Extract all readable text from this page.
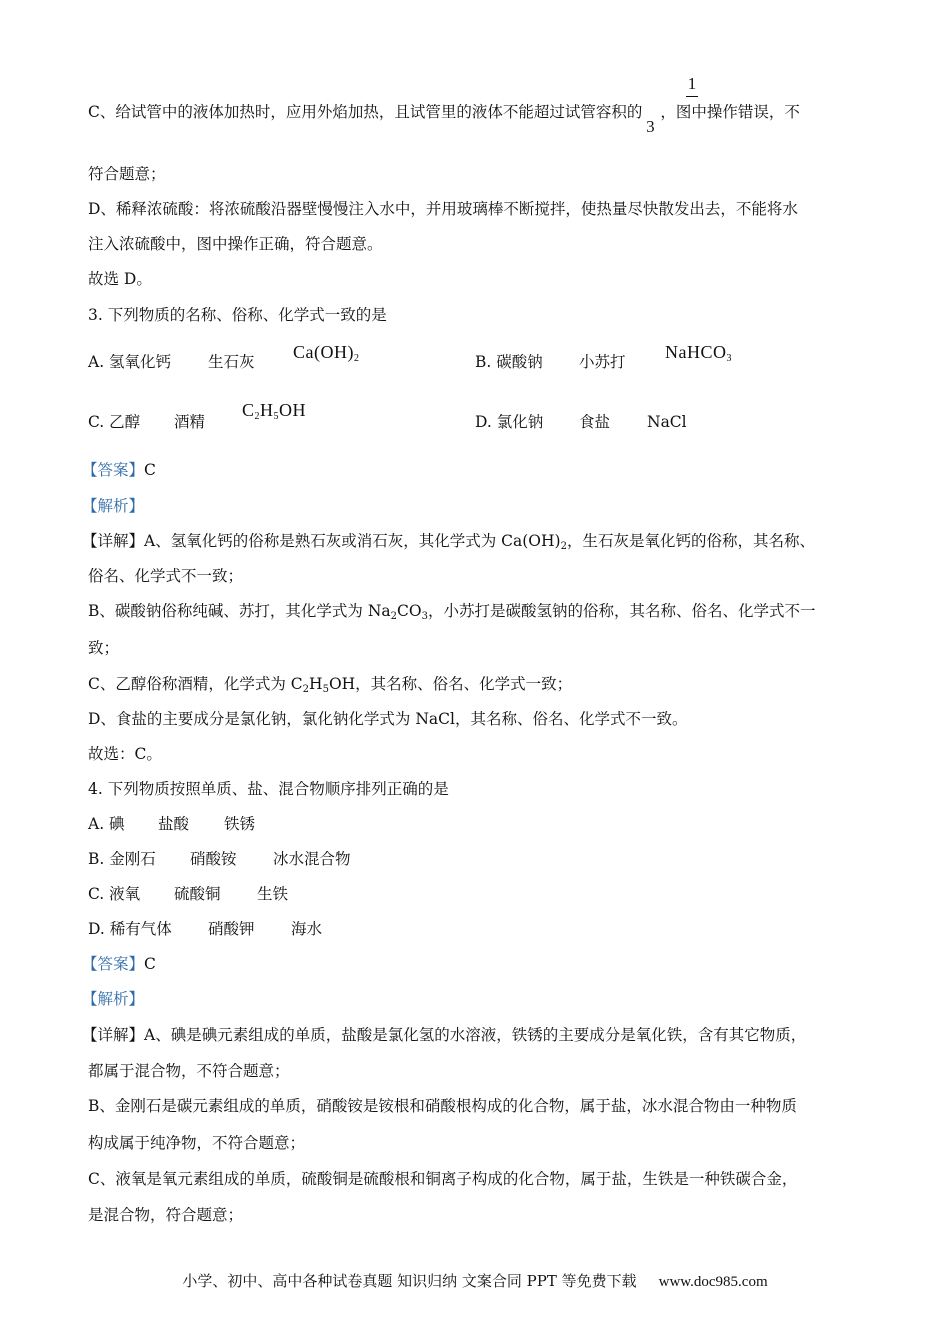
1
C、给试管中的液体加热时，应用外焰加热，且试管里的液体不能超过试管容积的
3
，图中操作错误，不
符合题意；
D、稀释浓硫酸：将浓硫酸沿器壁慢慢注入水中，并用玻璃棒不断搅拌，使热量尽快散发出去，不能将水
注入浓硫酸中，图中操作正确，符合题意。
故选 D。
3. 下列物质的名称、俗称、化学式一致的是
A. 氢氧化钙 生石灰 $Ca(OH)_2$	B. 碳酸钠 小苏打 NaHCO$_3$
C. 乙醇 酒精
$C_2H_5OH$
D. 氯化钠 食盐 NaCl
【答案】C
【解析】
【详解】A、氢氧化钙的俗称是熟石灰或消石灰，其化学式为 $Ca(OH)_2$，生石灰是氧化钙的俗称，其名称、
俗名、化学式不一致；
B、碳酸钠俗称纯碱、苏打，其化学式为 $Na_2CO_3$，小苏打是碳酸氢钠的俗称，其名称、俗名、化学式不一
致；
C、乙醇俗称酒精，化学式为 $C_2H_5OH$，其名称、俗名、化学式一致；
D、食盐的主要成分是氯化钠，氯化钠化学式为 NaCl，其名称、俗名、化学式不一致。
故选：C。
4. 下列物质按照单质、盐、混合物顺序排列正确的是
A. 碘 盐酸 铁锈
B. 金刚石 硝酸铵 冰水混合物
C. 液氧 硫酸铜 生铁
D. 稀有气体 硝酸钾 海水
【答案】C
【解析】
【详解】A、碘是碘元素组成的单质，盐酸是氯化氢的水溶液，铁锈的主要成分是氧化铁，含有其它物质，
都属于混合物，不符合题意；
B、金刚石是碳元素组成的单质，硝酸铵是铵根和硝酸根构成的化合物，属于盐，冰水混合物由一种物质
构成属于纯净物，不符合题意；
C、液氧是氧元素组成的单质，硫酸铜是硫酸根和铜离子构成的化合物，属于盐，生铁是一种铁碳合金，
是混合物，符合题意；
小学、初中、高中各种试卷真题 知识归纳 文案合同 PPT 等免费下载 www.doc985.com
